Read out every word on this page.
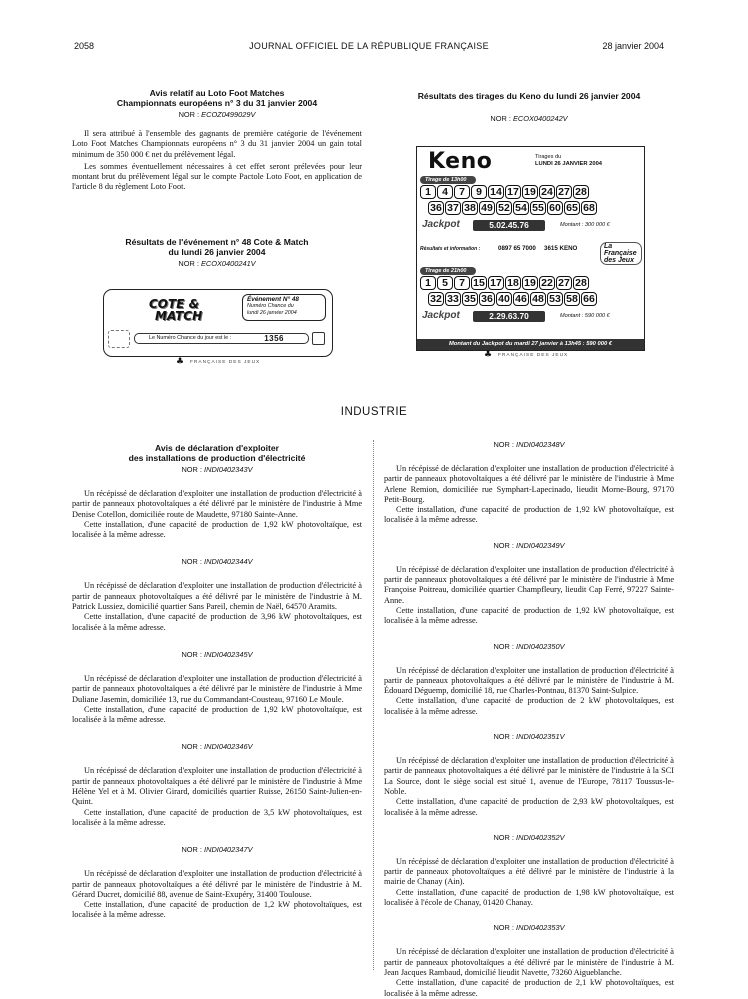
2058	JOURNAL OFFICIEL DE LA RÉPUBLIQUE FRANÇAISE	28 janvier 2004
Avis relatif au Loto Foot Matches
Championnats européens n° 3 du 31 janvier 2004
NOR : ECOZ0499029V

Il sera attribué à l'ensemble des gagnants de première catégorie de l'événement Loto Foot Matches Championnats européens n° 3 du 31 janvier 2004 un gain total minimum de 350 000 € net du prélèvement légal.

Les sommes éventuellement nécessaires à cet effet seront prélevées pour leur montant brut du prélèvement légal sur le compte Pactole Loto Foot, en application de l'article 8 du règlement Loto Foot.

Résultats de l'événement n° 48 Cote & Match
du lundi 26 janvier 2004
NOR : ECOX0400241V
COTE &
MATCH
Événement N° 48
Numéro Chance du
lundi 26 janvier 2004
Le Numéro Chance du jour est le :	1356
♣ FRANÇAISE DES JEUX
Résultats des tirages du Keno du lundi 26 janvier 2004
NOR : ECOX0400242V
Keno	Tirages du
LUNDI 26 JANVIER 2004
Tirage de 13h00
1	4	7	9 14 17 19 24 27 28
36 37 38 49 52 54 55 60 65 68
Jackpot	5.02.45.76	Montant : 300 000 €
Résultats et information :	0897 65 7000 3615 KENO	La Française des Jeux
Tirage de 21h00
1	5	7 15 17 18 19 22 27 28
32 33 35 36 40 46 48 53 58 66
Jackpot	2.29.63.70	Montant : 590 000 €
Montant du Jackpot du mardi 27 janvier à 13h45 : 590 000 €
♣ FRANÇAISE DES JEUX
INDUSTRIE
Avis de déclaration d'exploiter
des installations de production d'électricité
NOR : INDI0402343V

Un récépissé de déclaration d'exploiter une installation de production d'électricité à partir de panneaux photovoltaïques a été délivré par le ministère de l'industrie à Mme Denise Cotellon, domiciliée route de Maudette, 97180 Sainte-Anne.

Cette installation, d'une capacité de production de 1,92 kW photovoltaïque, est localisée à la même adresse.

NOR : INDI0402344V

Un récépissé de déclaration d'exploiter une installation de production d'électricité à partir de panneaux photovoltaïques a été délivré par le ministère de l'industrie à M. Patrick Lussiez, domicilié quartier Sans Pareil, chemin de Naël, 64570 Aramits.

Cette installation, d'une capacité de production de 3,96 kW photovoltaïques, est localisée à la même adresse.

NOR : INDI0402345V

Un récépissé de déclaration d'exploiter une installation de production d'électricité à partir de panneaux photovoltaïques a été délivré par le ministère de l'industrie à Mme Duliane Jasemin, domiciliée 13, rue du Commandant-Cousteau, 97160 Le Moule.

Cette installation, d'une capacité de production de 1,92 kW photovoltaïque, est localisée à la même adresse.

NOR : INDI0402346V

Un récépissé de déclaration d'exploiter une installation de production d'électricité à partir de panneaux photovoltaïques a été délivré par le ministère de l'industrie à Mme Hélène Yel et à M. Olivier Girard, domiciliés quartier Ruisse, 26150 Saint-Julien-en-Quint.

Cette installation, d'une capacité de production de 3,5 kW photovoltaïques, est localisée à la même adresse.

NOR : INDI0402347V

Un récépissé de déclaration d'exploiter une installation de production d'électricité à partir de panneaux photovoltaïques a été délivré par le ministère de l'industrie à M. Gérard Ducret, domicilié 88, avenue de Saint-Exupéry, 31400 Toulouse.

Cette installation, d'une capacité de production de 1,2 kW photovoltaïques, est localisée à la même adresse.

NOR : INDI0402348V

Un récépissé de déclaration d'exploiter une installation de production d'électricité à partir de panneaux photovoltaïques a été délivré par le ministère de l'industrie à Mme Arlene Remion, domiciliée rue Symphart-Lapecinado, lieudit Morne-Bourg, 97170 Petit-Bourg.

Cette installation, d'une capacité de production de 1,92 kW photovoltaïque, est localisée à la même adresse.

NOR : INDI0402349V

Un récépissé de déclaration d'exploiter une installation de production d'électricité à partir de panneaux photovoltaïques a été délivré par le ministère de l'industrie à Mme Françoise Poitreau, domiciliée quartier Champfleury, lieudit Cap Ferré, 97227 Sainte-Anne.

Cette installation, d'une capacité de production de 1,92 kW photovoltaïque, est localisée à la même adresse.

NOR : INDI0402350V

Un récépissé de déclaration d'exploiter une installation de production d'électricité à partir de panneaux photovoltaïques a été délivré par le ministère de l'industrie à M. Édouard Déguemp, domicilié 18, rue Charles-Pontnau, 81370 Saint-Sulpice.

Cette installation, d'une capacité de production de 2 kW photovoltaïques, est localisée à la même adresse.

NOR : INDI0402351V

Un récépissé de déclaration d'exploiter une installation de production d'électricité à partir de panneaux photovoltaïques a été délivré par le ministère de l'industrie à la SCI La Source, dont le siège social est situé 1, avenue de l'Europe, 78117 Toussus-le-Noble.

Cette installation, d'une capacité de production de 2,93 kW photovoltaïques, est localisée à la même adresse.

NOR : INDI0402352V

Un récépissé de déclaration d'exploiter une installation de production d'électricité à partir de panneaux photovoltaïques a été délivré par le ministère de l'industrie à la mairie de Chanay (Ain).

Cette installation, d'une capacité de production de 1,98 kW photovoltaïque, est localisée à l'école de Chanay, 01420 Chanay.

NOR : INDI0402353V

Un récépissé de déclaration d'exploiter une installation de production d'électricité à partir de panneaux photovoltaïques a été délivré par le ministère de l'industrie à M. Jean Jacques Rambaud, domicilié lieudit Navette, 73260 Aigueblanche.

Cette installation, d'une capacité de production de 2,1 kW photovoltaïques, est localisée à la même adresse.
